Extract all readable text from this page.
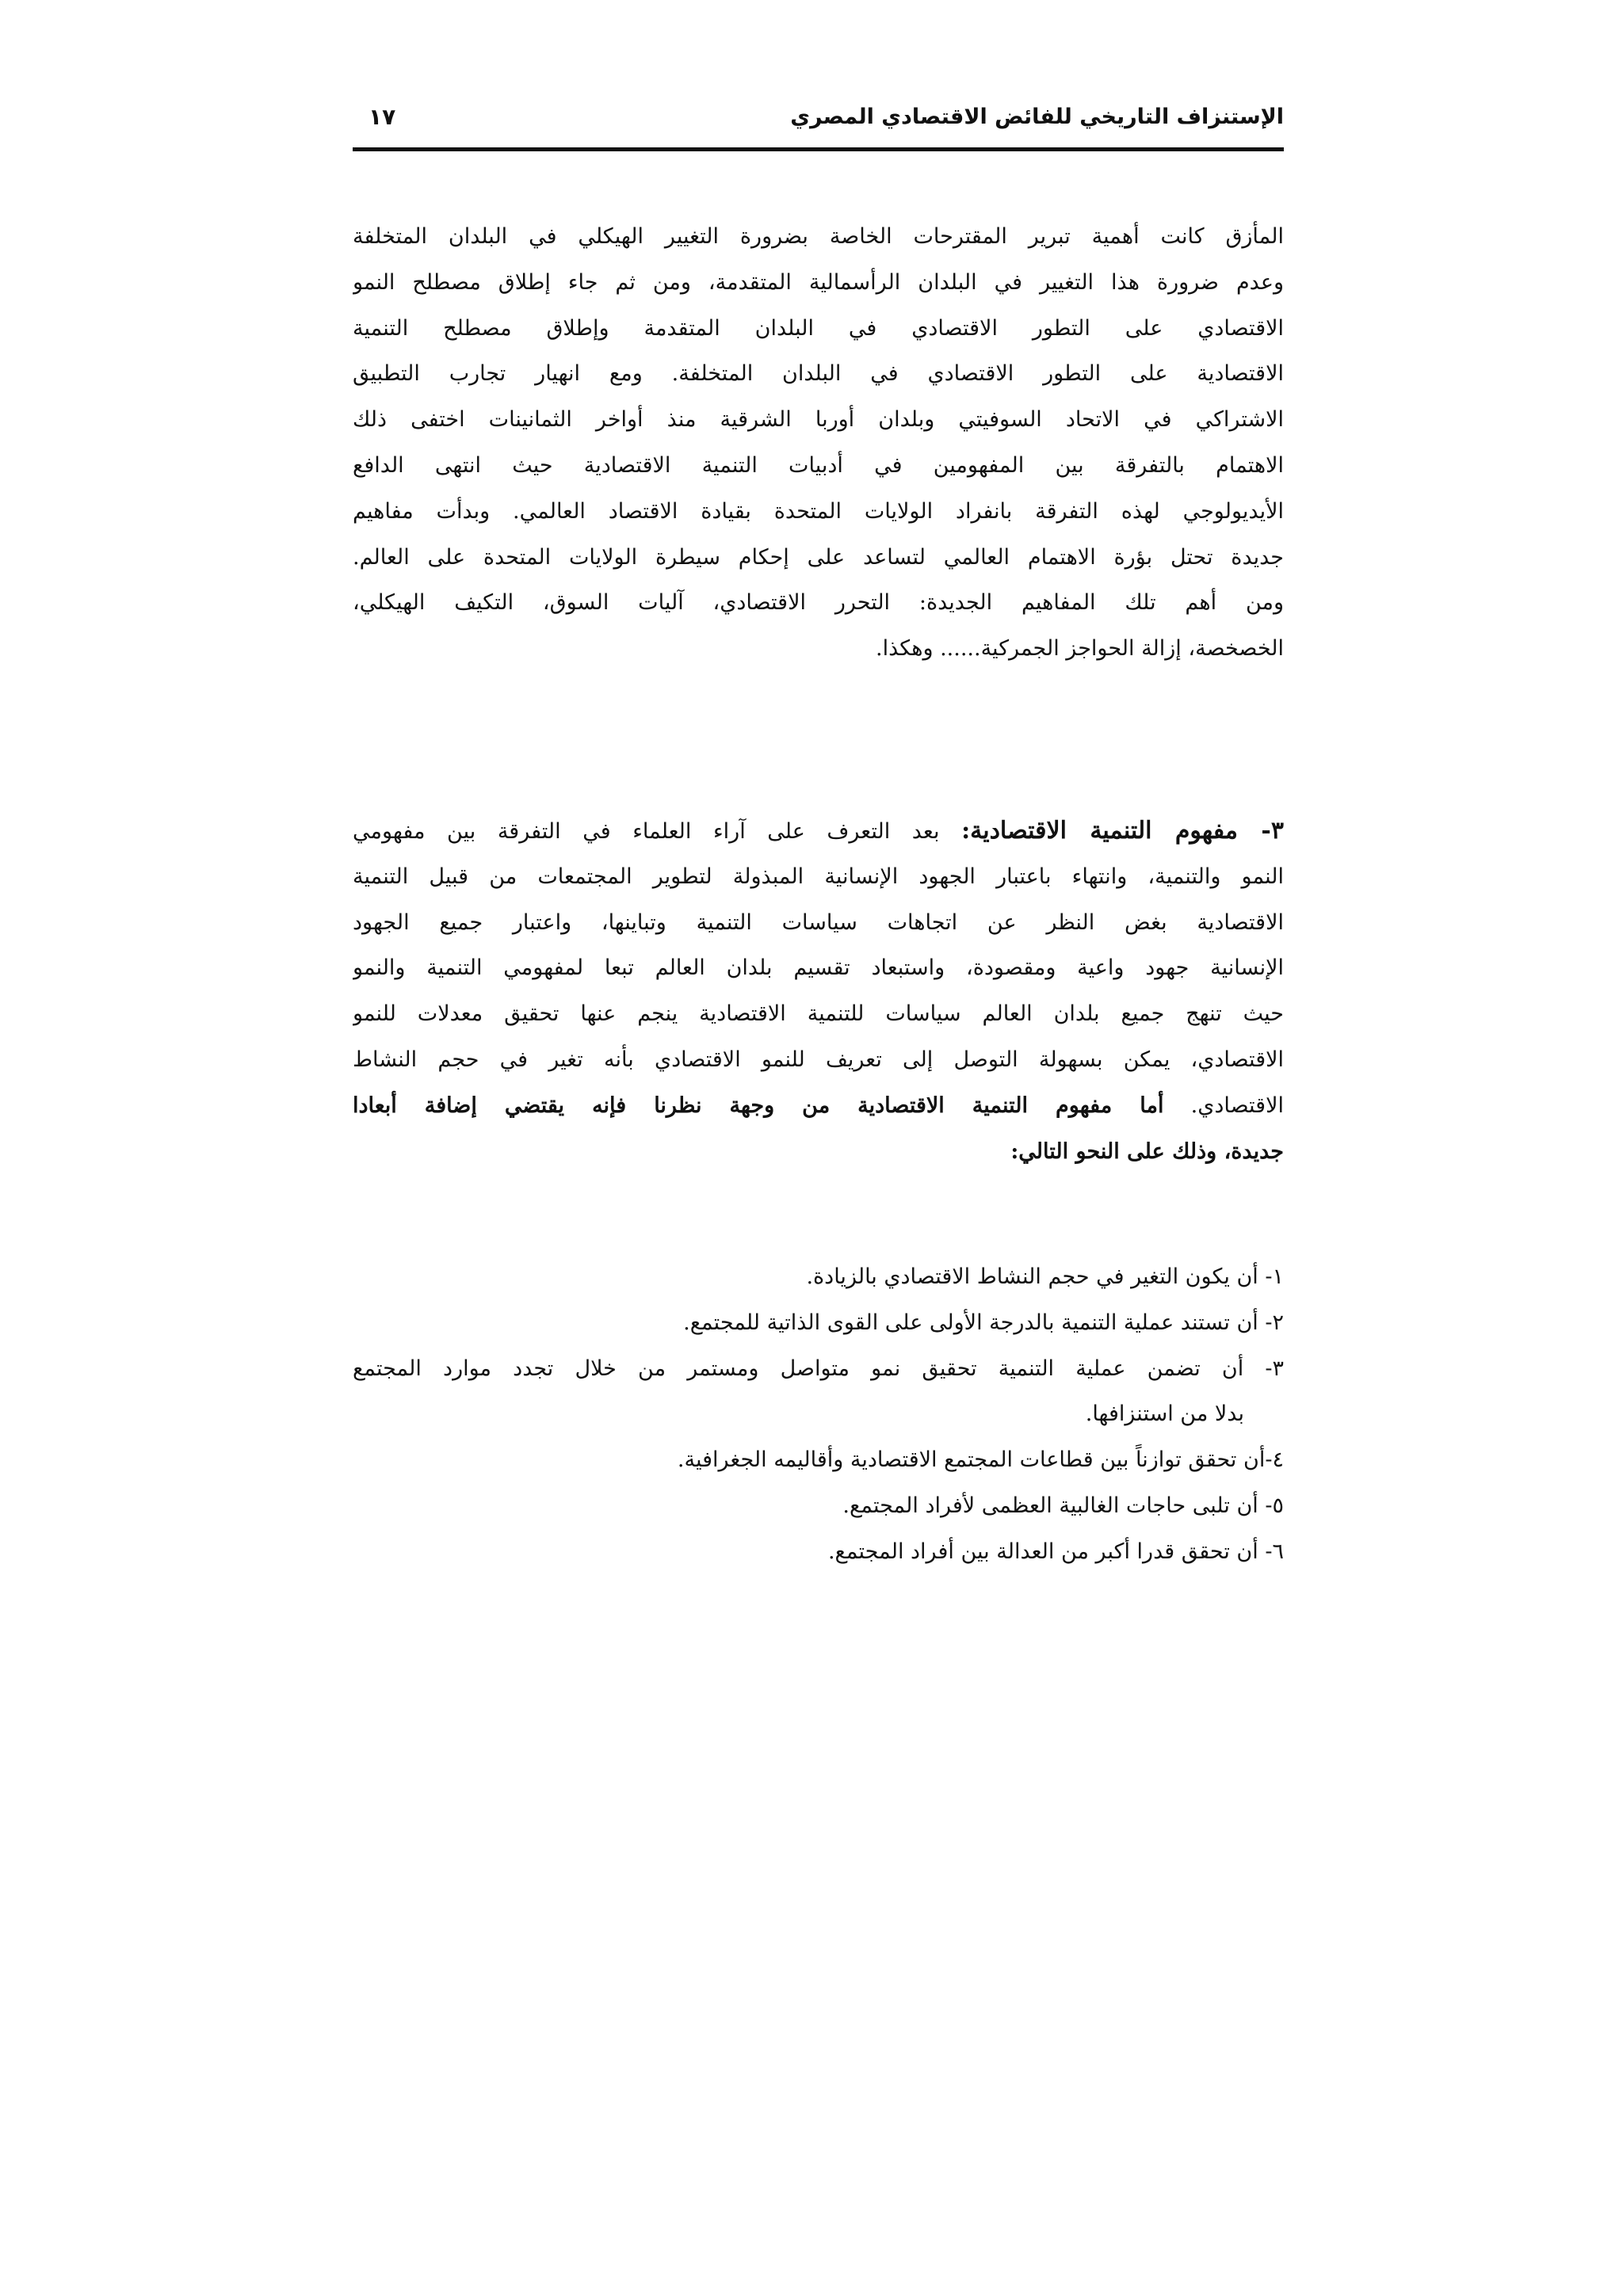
الإستنزاف التاريخي للفائض الاقتصادي المصري
١٧
المأزق كانت أهمية تبرير المقترحات الخاصة بضرورة التغيير الهيكلي في البلدان المتخلفة
وعدم ضرورة هذا التغيير في البلدان الرأسمالية المتقدمة، ومن ثم جاء إطلاق مصطلح النمو
الاقتصادي على التطور الاقتصادي في البلدان المتقدمة وإطلاق مصطلح التنمية
الاقتصادية على التطور الاقتصادي في البلدان المتخلفة. ومع انهيار تجارب التطبيق
الاشتراكي في الاتحاد السوفيتي وبلدان أوربا الشرقية منذ أواخر الثمانينات اختفى ذلك
الاهتمام بالتفرقة بين المفهومين في أدبيات التنمية الاقتصادية حيث انتهى الدافع
الأيديولوجي لهذه التفرقة بانفراد الولايات المتحدة بقيادة الاقتصاد العالمي. وبدأت مفاهيم
جديدة تحتل بؤرة الاهتمام العالمي لتساعد على إحكام سيطرة الولايات المتحدة على العالم.
ومن أهم تلك المفاهيم الجديدة: التحرر الاقتصادي، آليات السوق، التكيف الهيكلي،
الخصخصة، إزالة الحواجز الجمركية...... وهكذا.
٣- مفهوم التنمية الاقتصادية: بعد التعرف على آراء العلماء في التفرقة بين مفهومي
النمو والتنمية، وانتهاء باعتبار الجهود الإنسانية المبذولة لتطوير المجتمعات من قبيل التنمية
الاقتصادية بغض النظر عن اتجاهات سياسات التنمية وتباينها، واعتبار جميع الجهود
الإنسانية جهود واعية ومقصودة، واستبعاد تقسيم بلدان العالم تبعا لمفهومي التنمية والنمو
حيث تنهج جميع بلدان العالم سياسات للتنمية الاقتصادية ينجم عنها تحقيق معدلات للنمو
الاقتصادي، يمكن بسهولة التوصل إلى تعريف للنمو الاقتصادي بأنه تغير في حجم النشاط
الاقتصادي. أما مفهوم التنمية الاقتصادية من وجهة نظرنا فإنه يقتضي إضافة أبعادا
جديدة، وذلك على النحو التالي:
١- أن يكون التغير في حجم النشاط الاقتصادي بالزيادة.
٢- أن تستند عملية التنمية بالدرجة الأولى على القوى الذاتية للمجتمع.
٣- أن تضمن عملية التنمية تحقيق نمو متواصل ومستمر من خلال تجدد موارد المجتمع
بدلا من استنزافها.
٤-أن تحقق توازناً بين قطاعات المجتمع الاقتصادية وأقاليمه الجغرافية.
٥- أن تلبى حاجات الغالبية العظمى لأفراد المجتمع.
٦- أن تحقق قدرا أكبر من العدالة بين أفراد المجتمع.
